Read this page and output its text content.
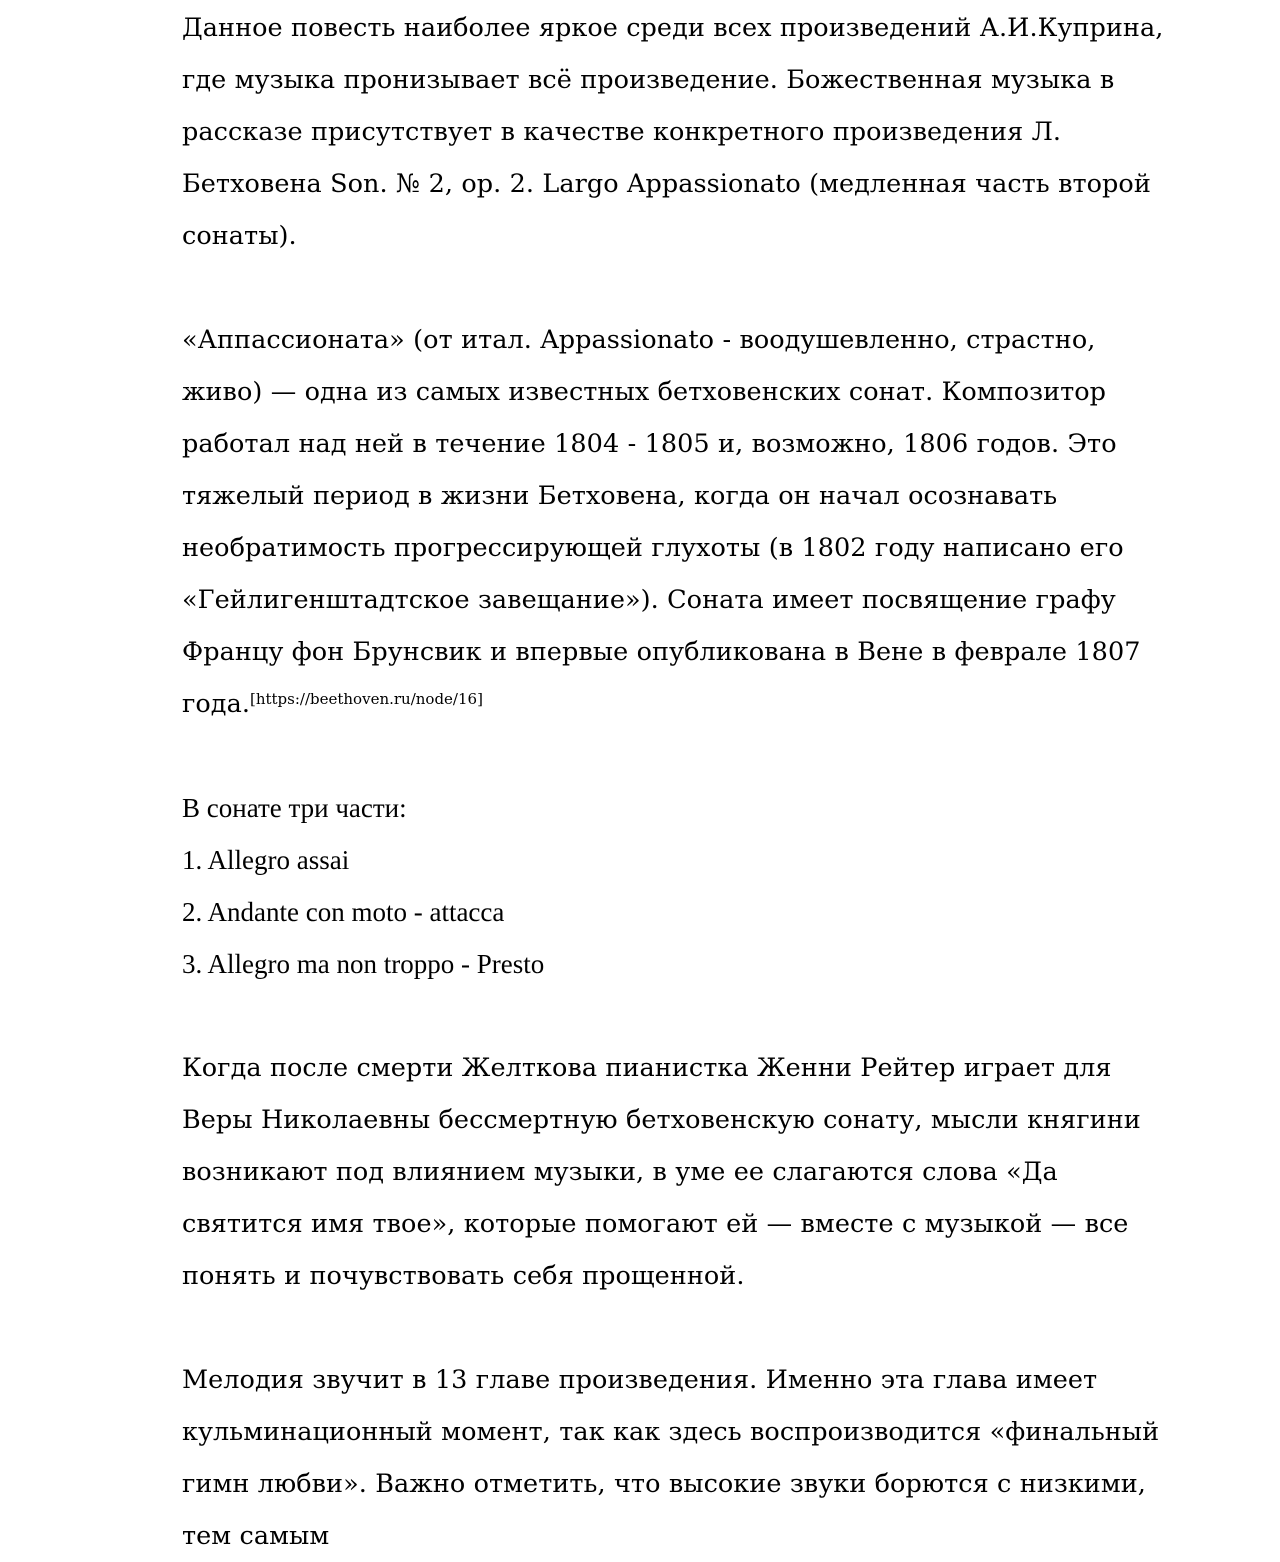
Данное повесть наиболее яркое среди всех произведений А.И.Куприна, где музыка пронизывает всё произведение. Божественная музыка в рассказе присутствует в качестве конкретного произведения Л. Бетховена Son. № 2, op. 2. Largo Appassionato (медленная часть второй сонаты).

«Аппассионата» (от итал. Appassionato - воодушевленно, страстно, живо) — одна из самых известных бетховенских сонат. Композитор работал над ней в течение 1804 - 1805 и, возможно, 1806 годов. Это тяжелый период в жизни Бетховена, когда он начал осознавать необратимость прогрессирующей глухоты (в 1802 году написано его «Гейлигенштадтское завещание»). Соната имеет посвящение графу Францу фон Брунсвик и впервые опубликована в Вене в феврале 1807 года.[https://beethoven.ru/node/16]

В сонате три части:

1. Allegro assai
2. Andante con moto - attacca
3. Allegro ma non troppo - Presto

Когда после смерти Желткова пианистка Женни Рейтер играет для Веры Николаевны бессмертную бетховенскую сонату, мысли княгини возникают под влиянием музыки, в уме ее слагаются слова «Да святится имя твое», которые помогают ей — вместе с музыкой — все понять и почувствовать себя прощенной.

Мелодия звучит в 13 главе произведения. Именно эта глава имеет кульминационный момент, так как здесь воспроизводится «финальный гимн любви». Важно отметить, что высокие звуки борются с низкими, тем самым
